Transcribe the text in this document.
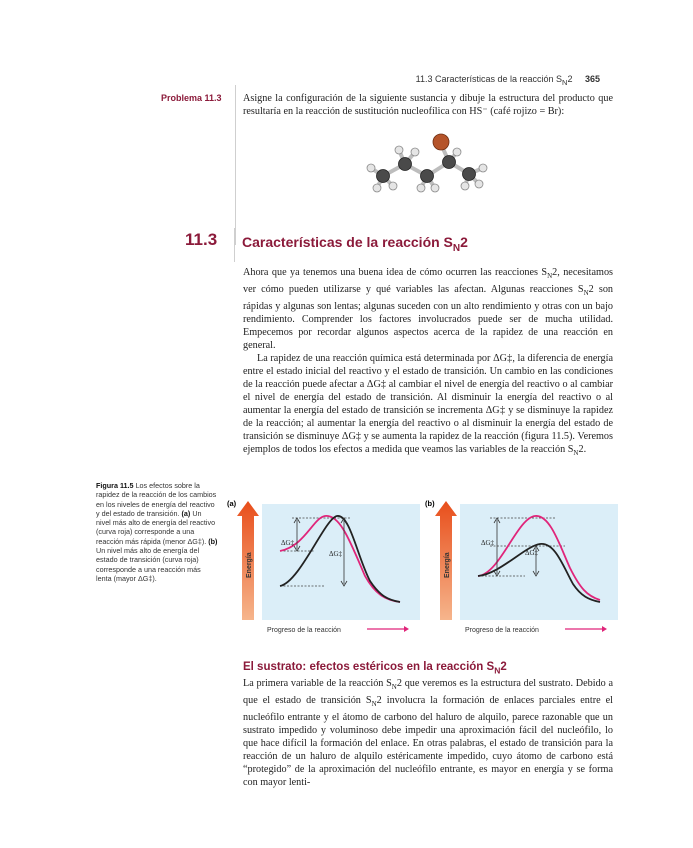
11.3 Características de la reacción $S_N2$ 365
Problema 11.3 Asigne la configuración de la siguiente sustancia y dibuje la estructura del producto que resultaría en la reacción de sustitución nucleofílica con HS⁻ (café rojizo = Br):
11.3 Características de la reacción $S_N2$

Ahora que ya tenemos una buena idea de cómo ocurren las reacciones $S_N2$, necesitamos ver cómo pueden utilizarse y qué variables las afectan. Algunas reacciones $S_N2$ son rápidas y algunas son lentas; algunas suceden con un alto rendimiento y otras con un bajo rendimiento. Comprender los factores involucrados puede ser de mucha utilidad. Empecemos por recordar algunos aspectos acerca de la rapidez de una reacción en general.

La rapidez de una reacción química está determinada por ΔG‡, la diferencia de energía entre el estado inicial del reactivo y el estado de transición. Un cambio en las condiciones de la reacción puede afectar a ΔG‡ al cambiar el nivel de energía del reactivo o al cambiar el nivel de energía del estado de transición. Al disminuir la energía del reactivo o al aumentar la energía del estado de transición se incrementa ΔG‡ y se disminuye la rapidez de la reacción; al aumentar la energía del reactivo o al disminuir la energía del estado de transición se disminuye ΔG‡ y se aumenta la rapidez de la reacción (figura 11.5). Veremos ejemplos de todos los efectos a medida que veamos las variables de la reacción $S_N2$.

Figura 11.5 Los efectos sobre la rapidez de la reacción de los cambios en los niveles de energía del reactivo y del estado de transición. (a) Un nivel más alto de energía del reactivo (curva roja) corresponde a una reacción más rápida (menor ΔG‡). (b) Un nivel más alto de energía del estado de transición (curva roja) corresponde a una reacción más lenta (mayor ΔG‡).
(a)
Energía
ΔG‡
ΔG‡
Progreso de la reacción
(b)
Energía
ΔG‡
ΔG‡
Progreso de la reacción
El sustrato: efectos estéricos en la reacción $S_N2$

La primera variable de la reacción $S_N2$ que veremos es la estructura del sustrato. Debido a que el estado de transición $S_N2$ involucra la formación de enlaces parciales entre el nucleófilo entrante y el átomo de carbono del haluro de alquilo, parece razonable que un sustrato impedido y voluminoso debe impedir una aproximación fácil del nucleófilo, lo que hace difícil la formación del enlace. En otras palabras, el estado de transición para la reacción de un haluro de alquilo estéricamente impedido, cuyo átomo de carbono está “protegido” de la aproximación del nucleófilo entrante, es mayor en energía y se forma con mayor lenti-
